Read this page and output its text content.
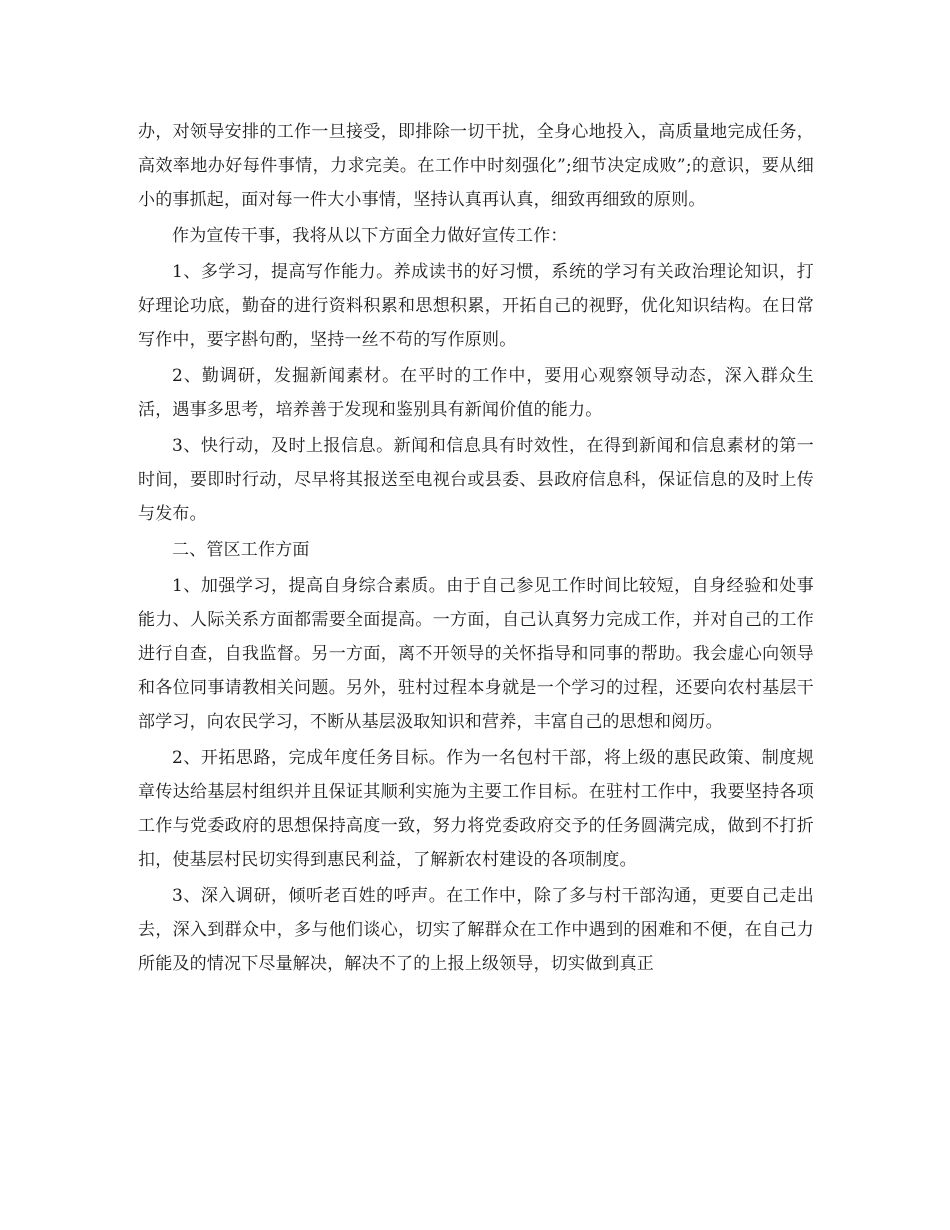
办，对领导安排的工作一旦接受，即排除一切干扰，全身心地投入，高质量地完成任务，高效率地办好每件事情，力求完美。在工作中时刻强化”;细节决定成败”;的意识，要从细小的事抓起，面对每一件大小事情，坚持认真再认真，细致再细致的原则。

作为宣传干事，我将从以下方面全力做好宣传工作：

1、多学习，提高写作能力。养成读书的好习惯，系统的学习有关政治理论知识，打好理论功底，勤奋的进行资料积累和思想积累，开拓自己的视野，优化知识结构。在日常写作中，要字斟句酌，坚持一丝不苟的写作原则。

2、勤调研，发掘新闻素材。在平时的工作中，要用心观察领导动态，深入群众生活，遇事多思考，培养善于发现和鉴别具有新闻价值的能力。

3、快行动，及时上报信息。新闻和信息具有时效性，在得到新闻和信息素材的第一时间，要即时行动，尽早将其报送至电视台或县委、县政府信息科，保证信息的及时上传与发布。

二、管区工作方面

1、加强学习，提高自身综合素质。由于自己参见工作时间比较短，自身经验和处事能力、人际关系方面都需要全面提高。一方面，自己认真努力完成工作，并对自己的工作进行自查，自我监督。另一方面，离不开领导的关怀指导和同事的帮助。我会虚心向领导和各位同事请教相关问题。另外，驻村过程本身就是一个学习的过程，还要向农村基层干部学习，向农民学习，不断从基层汲取知识和营养，丰富自己的思想和阅历。

2、开拓思路，完成年度任务目标。作为一名包村干部，将上级的惠民政策、制度规章传达给基层村组织并且保证其顺利实施为主要工作目标。在驻村工作中，我要坚持各项工作与党委政府的思想保持高度一致，努力将党委政府交予的任务圆满完成，做到不打折扣，使基层村民切实得到惠民利益，了解新农村建设的各项制度。

3、深入调研，倾听老百姓的呼声。在工作中，除了多与村干部沟通，更要自己走出去，深入到群众中，多与他们谈心，切实了解群众在工作中遇到的困难和不便，在自己力所能及的情况下尽量解决，解决不了的上报上级领导，切实做到真正
